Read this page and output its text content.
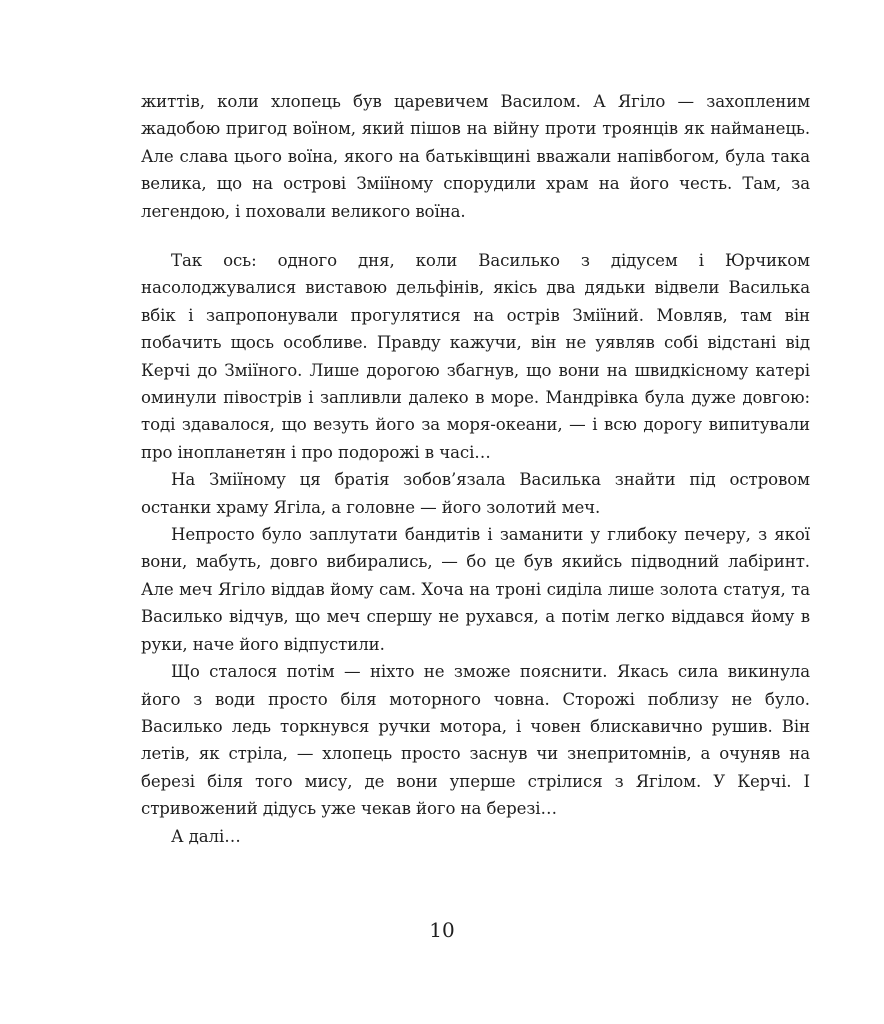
життів, коли хлопець був царевичем Василом. А Ягіло — захопленим жадобою пригод воїном, який пішов на війну проти троянців як найманець. Але слава цього воїна, якого на батьківщині вважали напівбогом, була така велика, що на острові Зміїному спорудили храм на його честь. Там, за легендою, і поховали великого воїна.

Так ось: одного дня, коли Василько з дідусем і Юрчиком насолоджувалися виставою дельфінів, якісь два дядьки відвели Василька вбік і запропонували прогулятися на острів Зміїний. Мовляв, там він побачить щось особливе. Правду кажучи, він не уявляв собі відстані від Керчі до Зміїного. Лише дорогою збагнув, що вони на швидкісному катері оминули півострів і запливли далеко в море. Мандрівка була дуже довгою: тоді здавалося, що везуть його за моря-океани, — і всю дорогу випитували про інопланетян і про подорожі в часі…

На Зміїному ця братія зобов’язала Василька знайти під островом останки храму Ягіла, а головне — його золотий меч.

Непросто було заплутати бандитів і заманити у глибоку печеру, з якої вони, мабуть, довго вибирались, — бо це був якийсь підводний лабіринт. Але меч Ягіло віддав йому сам. Хоча на троні сиділа лише золота статуя, та Василько відчув, що меч спершу не рухався, а потім легко віддався йому в руки, наче його відпустили.

Що сталося потім — ніхто не зможе пояснити. Якась сила викинула його з води просто біля моторного човна. Сторожі поблизу не було. Василько ледь торкнувся ручки мотора, і човен блискавично рушив. Він летів, як стріла, — хлопець просто заснув чи знепритомнів, а очуняв на березі біля того мису, де вони уперше стрілися з Ягілом. У Керчі. І стривожений дідусь уже чекав його на березі…

А далі…

10
